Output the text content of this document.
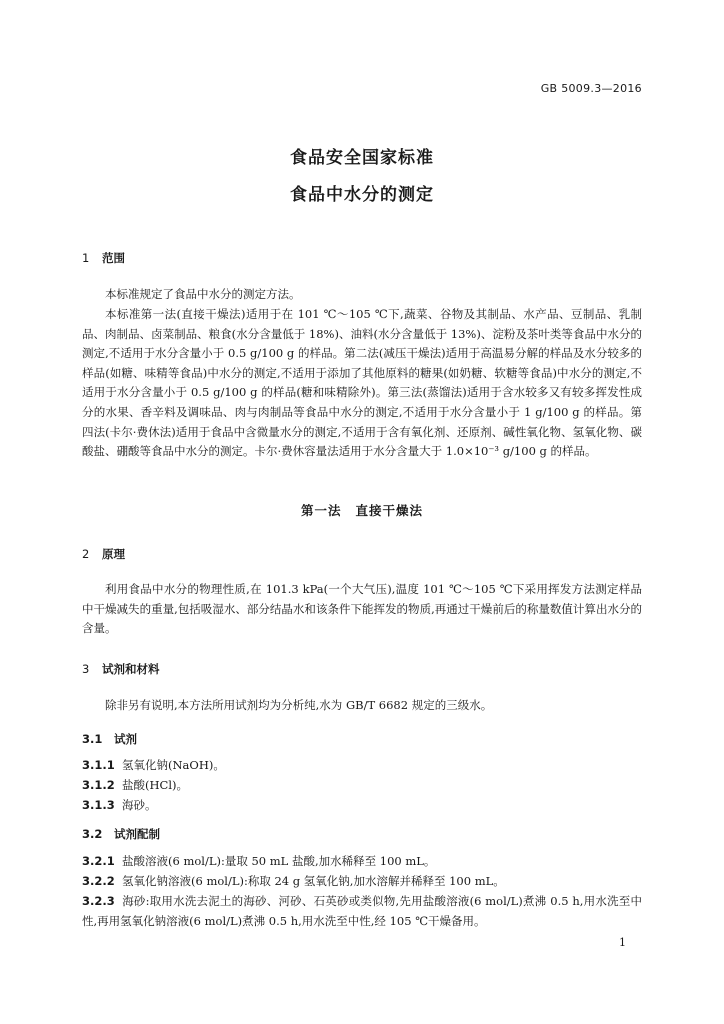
GB 5009.3—2016
食品安全国家标准
食品中水分的测定
1 范围

本标准规定了食品中水分的测定方法。

本标准第一法(直接干燥法)适用于在 101 ℃～105 ℃下,蔬菜、谷物及其制品、水产品、豆制品、乳制品、肉制品、卤菜制品、粮食(水分含量低于 18%)、油料(水分含量低于 13%)、淀粉及茶叶类等食品中水分的测定,不适用于水分含量小于 0.5 g/100 g 的样品。第二法(减压干燥法)适用于高温易分解的样品及水分较多的样品(如糖、味精等食品)中水分的测定,不适用于添加了其他原料的糖果(如奶糖、软糖等食品)中水分的测定,不适用于水分含量小于 0.5 g/100 g 的样品(糖和味精除外)。第三法(蒸馏法)适用于含水较多又有较多挥发性成分的水果、香辛料及调味品、肉与肉制品等食品中水分的测定,不适用于水分含量小于 1 g/100 g 的样品。第四法(卡尔·费休法)适用于食品中含微量水分的测定,不适用于含有氧化剂、还原剂、碱性氧化物、氢氧化物、碳酸盐、硼酸等食品中水分的测定。卡尔·费休容量法适用于水分含量大于 1.0×10⁻³ g/100 g 的样品。

第一法 直接干燥法
2 原理

利用食品中水分的物理性质,在 101.3 kPa(一个大气压),温度 101 ℃～105 ℃下采用挥发方法测定样品中干燥减失的重量,包括吸湿水、部分结晶水和该条件下能挥发的物质,再通过干燥前后的称量数值计算出水分的含量。

3 试剂和材料

除非另有说明,本方法所用试剂均为分析纯,水为 GB/T 6682 规定的三级水。

3.1 试剂

3.1.1 氢氧化钠(NaOH)。

3.1.2 盐酸(HCl)。

3.1.3 海砂。

3.2 试剂配制

3.2.1 盐酸溶液(6 mol/L):量取 50 mL 盐酸,加水稀释至 100 mL。

3.2.2 氢氧化钠溶液(6 mol/L):称取 24 g 氢氧化钠,加水溶解并稀释至 100 mL。

3.2.3 海砂:取用水洗去泥土的海砂、河砂、石英砂或类似物,先用盐酸溶液(6 mol/L)煮沸 0.5 h,用水洗至中性,再用氢氧化钠溶液(6 mol/L)煮沸 0.5 h,用水洗至中性,经 105 ℃干燥备用。

1
